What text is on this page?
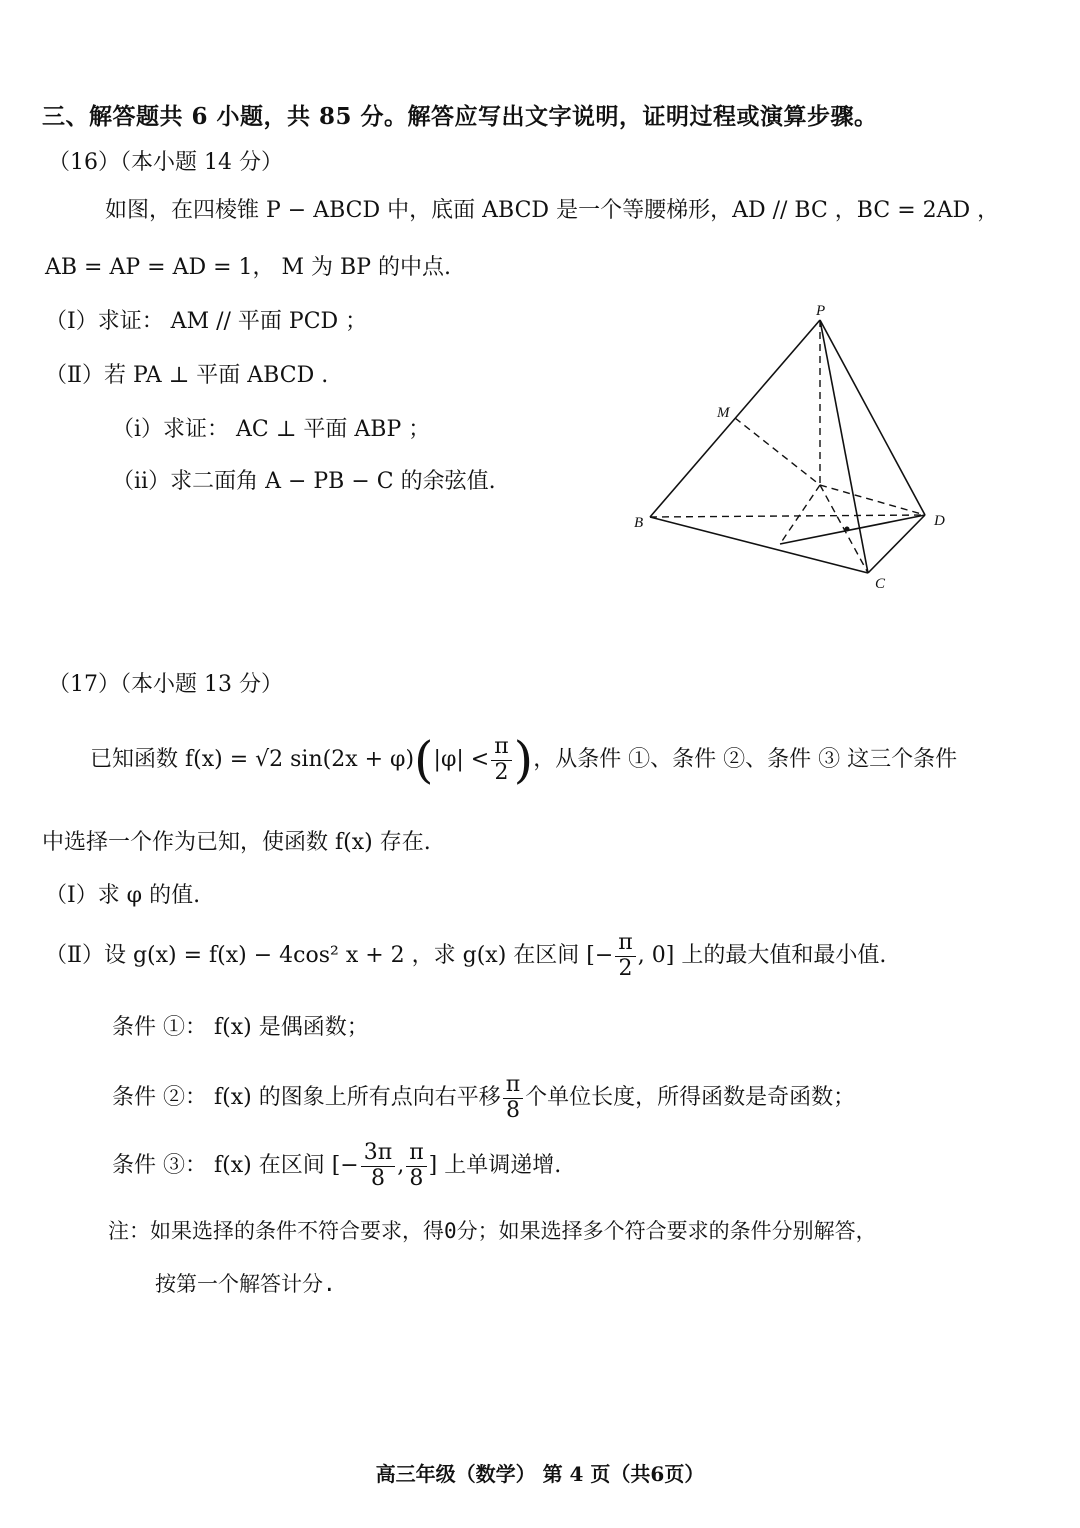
三、解答题共 6 小题，共 85 分。解答应写出文字说明，证明过程或演算步骤。
（16）（本小题 14 分）
如图，在四棱锥 P − ABCD 中，底面 ABCD 是一个等腰梯形，AD // BC ，BC = 2AD ，
AB = AP = AD = 1， M 为 BP 的中点.
（Ⅰ）求证： AM // 平面 PCD ；
（Ⅱ）若 PA ⊥ 平面 ABCD .
（ⅰ）求证： AC ⊥ 平面 ABP ；
（ⅱ）求二面角 A − PB − C 的余弦值.
P
M
B	D
C
（17）（本小题 13 分）
已知函数 f(x) = √2 $\sin(2x + \varphi)(|\varphi| < \frac{\pi}{2}$ )，从条件 ①、条件 ②、条件 ③ 这三个条件
中选择一个作为已知，使函数 f(x) 存在.
（Ⅰ）求 φ 的值.
（Ⅱ）设 g(x) = f(x) − 4cos² x + 2 ，求 g(x) 在区间 [− $\frac{\pi}{2}$ , 0] 上的最大值和最小值.
条件 ①： f(x) 是偶函数；
条件 ②： f(x) 的图象上所有点向右平移 $\frac{\pi}{8}$ 个单位长度，所得函数是奇函数；
条件 ③： f(x) 在区间 [− $\frac{3\pi}{8}$ , $\frac{\pi}{8}$ ] 上单调递增.
注：如果选择的条件不符合要求，得0分；如果选择多个符合要求的条件分别解答，
按第一个解答计分.
高三年级（数学） 第 4 页（共6页）
